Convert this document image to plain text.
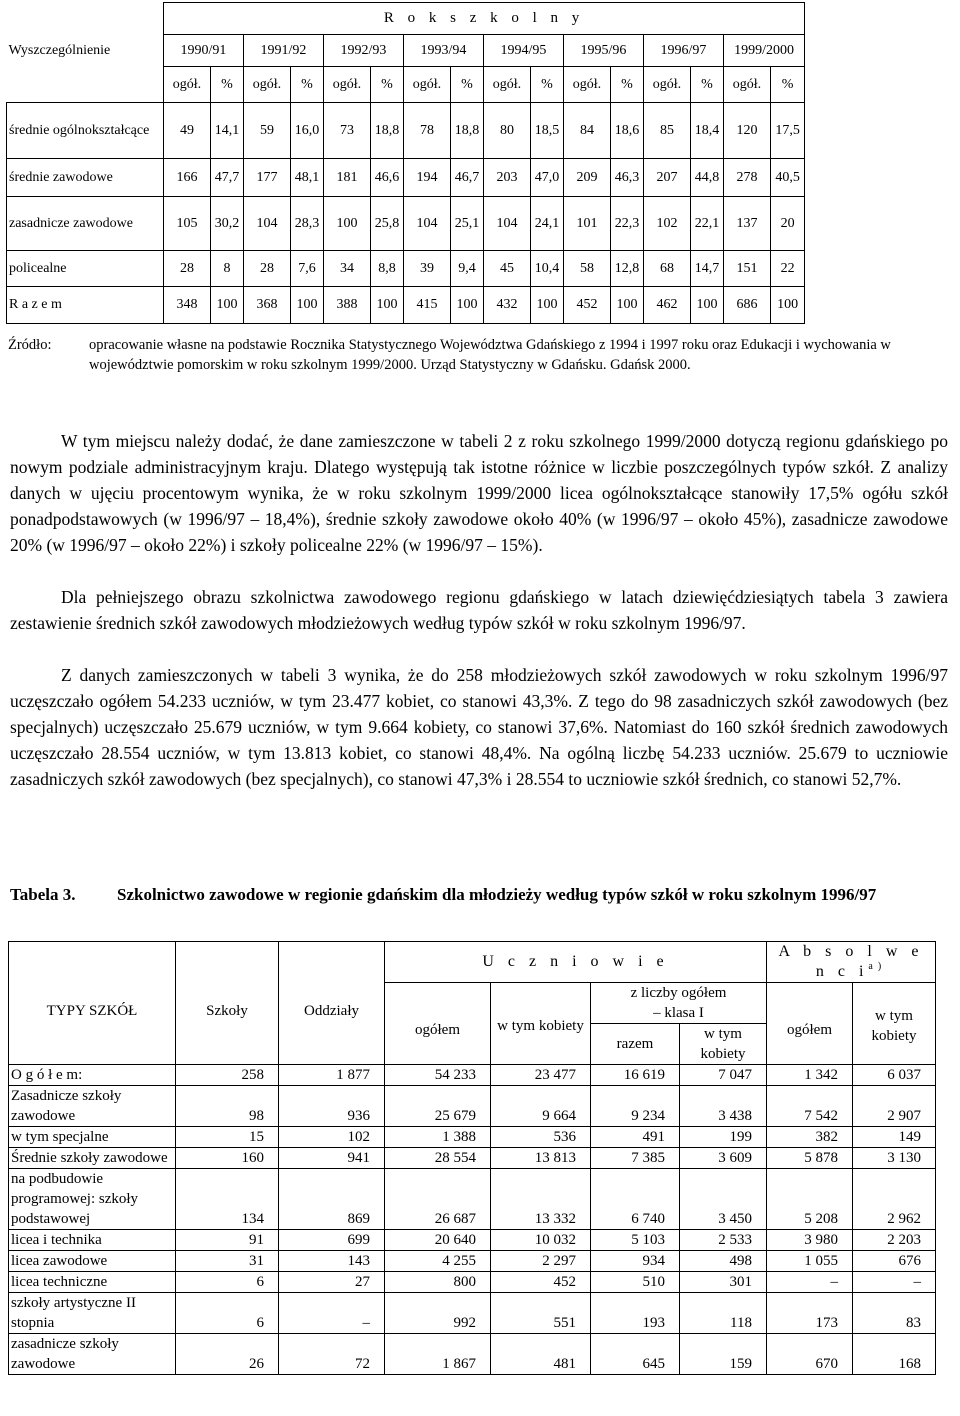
	R o k s z k o l n y															
Wyszczególnienie	1990/91		1991/92		1992/93		1993/94		1994/95		1995/96		1996/97		1999/2000	
	ogół.	%	ogół.	%	ogół.	%	ogół.	%	ogół.	%	ogół.	%	ogół.	%	ogół.	%
średnie ogólnokształcące	49	14,1	59	16,0	73	18,8	78	18,8	80	18,5	84	18,6	85	18,4	120	17,5
średnie zawodowe	166	47,7	177	48,1	181	46,6	194	46,7	203	47,0	209	46,3	207	44,8	278	40,5
zasadnicze zawodowe	105	30,2	104	28,3	100	25,8	104	25,1	104	24,1	101	22,3	102	22,1	137	20
policealne	28	8	28	7,6	34	8,8	39	9,4	45	10,4	58	12,8	68	14,7	151	22
R a z e m	348	100	368	100	388	100	415	100	432	100	452	100	462	100	686	100
Źródło:	opracowanie własne na podstawie Rocznika Statystycznego Województwa Gdańskiego z 1994 i 1997 roku oraz Edukacji i wychowania w województwie pomorskim w roku szkolnym 1999/2000. Urząd Statystyczny w Gdańsku. Gdańsk 2000.

W tym miejscu należy dodać, że dane zamieszczone w tabeli 2 z roku szkolnego 1999/2000 dotyczą regionu gdańskiego po nowym podziale administracyjnym kraju. Dlatego występują tak istotne różnice w liczbie poszczególnych typów szkół. Z analizy danych w ujęciu procentowym wynika, że w roku szkolnym 1999/2000 licea ogólnokształcące stanowiły 17,5% ogółu szkół ponadpodstawowych (w 1996/97 – 18,4%), średnie szkoły zawodowe około 40% (w 1996/97 – około 45%), zasadnicze zawodowe 20% (w 1996/97 – około 22%) i szkoły policealne 22% (w 1996/97 – 15%).

Dla pełniejszego obrazu szkolnictwa zawodowego regionu gdańskiego w latach dziewięćdziesiątych tabela 3 zawiera zestawienie średnich szkół zawodowych młodzieżowych według typów szkół w roku szkolnym 1996/97.

Z danych zamieszczonych w tabeli 3 wynika, że do 258 młodzieżowych szkół zawodowych w roku szkolnym 1996/97 uczęszczało ogółem 54.233 uczniów, w tym 23.477 kobiet, co stanowi 43,3%. Z tego do 98 zasadniczych szkół zawodowych (bez specjalnych) uczęszczało 25.679 uczniów, w tym 9.664 kobiety, co stanowi 37,6%. Natomiast do 160 szkół średnich zawodowych uczęszczało 28.554 uczniów, w tym 13.813 kobiet, co stanowi 48,4%. Na ogólną liczbę 54.233 uczniów. 25.679 to uczniowie zasadniczych szkół zawodowych (bez specjalnych), co stanowi 47,3% i 28.554 to uczniowie szkół średnich, co stanowi 52,7%.

Tabela 3. Szkolnictwo zawodowe w regionie gdańskim dla młodzieży według typów szkół w roku szkolnym 1996/97
TYPY SZKÓŁ	Szkoły	Oddziały	U c z n i o w i e				A b s o l w e n c $i^{a)}$
			ogółem	w tym kobiety	z liczby ogółem		ogółem	w tym kobiety
					– klasa I			
					razem	w tym kobiety		
O g ó ł e m:	258	1 877	54 233	23 477	16 619	7 047	1 342	6 037
Zasadnicze szkoły zawodowe	98	936	25 679	9 664	9 234	3 438	7 542	2 907
w tym specjalne	15	102	1 388	536	491	199	382	149
Średnie szkoły zawodowe	160	941	28 554	13 813	7 385	3 609	5 878	3 130
na podbudowie programowej: szkoły podstawowej	134	869	26 687	13 332	6 740	3 450	5 208	2 962
licea i technika	91	699	20 640	10 032	5 103	2 533	3 980	2 203
licea zawodowe	31	143	4 255	2 297	934	498	1 055	676
licea techniczne	6	27	800	452	510	301	–	–
szkoły artystyczne II stopnia	6	–	992	551	193	118	173	83
zasadnicze szkoły zawodowe	26	72	1 867	481	645	159	670	168
